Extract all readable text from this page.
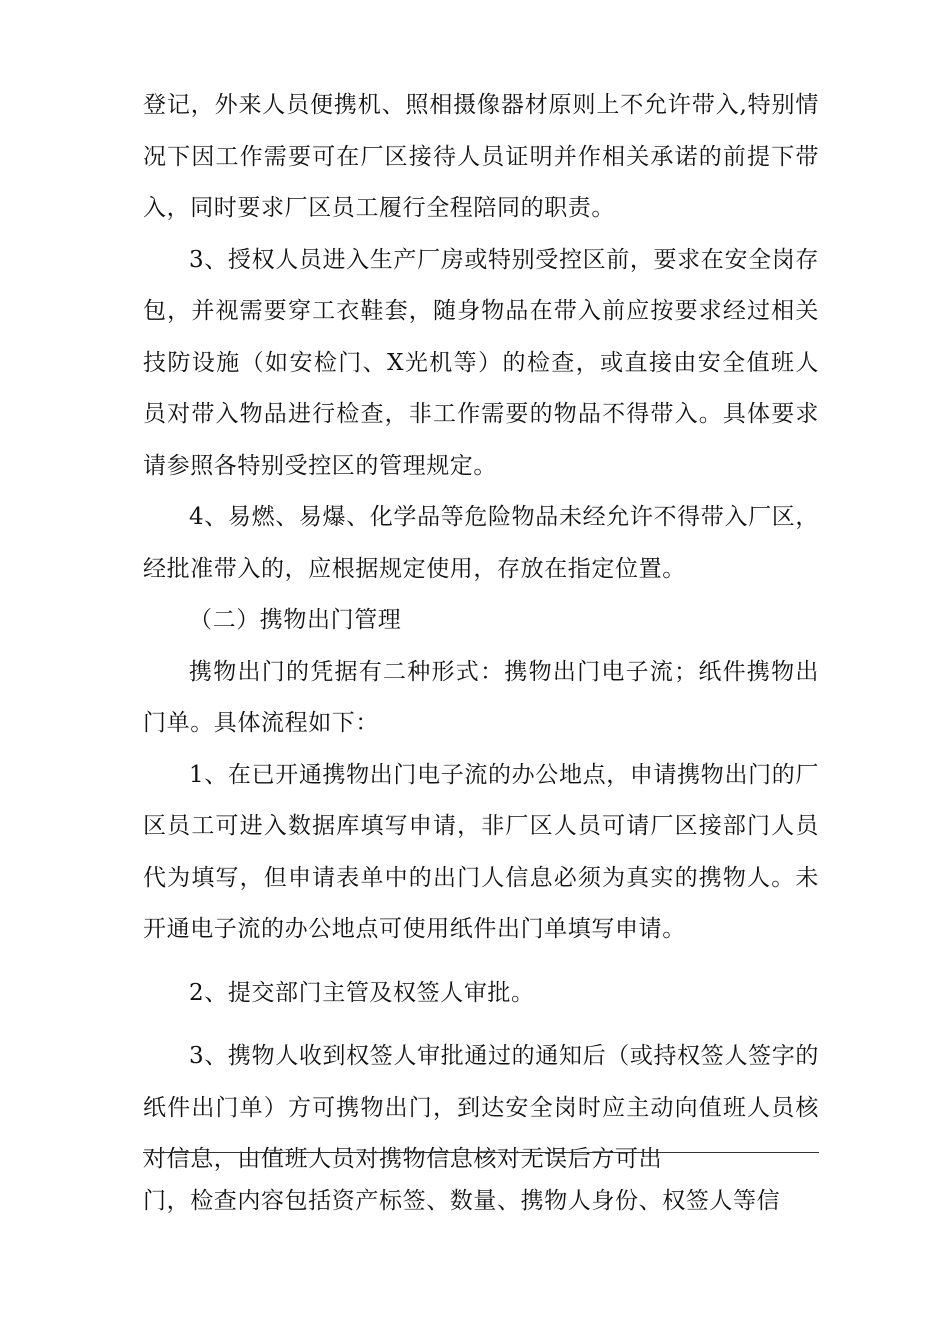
登记，外来人员便携机、照相摄像器材原则上不允许带入,特别情况下因工作需要可在厂区接待人员证明并作相关承诺的前提下带入，同时要求厂区员工履行全程陪同的职责。

3、授权人员进入生产厂房或特别受控区前，要求在安全岗存包，并视需要穿工衣鞋套，随身物品在带入前应按要求经过相关技防设施（如安检门、X光机等）的检查，或直接由安全值班人员对带入物品进行检查，非工作需要的物品不得带入。具体要求请参照各特别受控区的管理规定。

4、易燃、易爆、化学品等危险物品未经允许不得带入厂区，经批准带入的，应根据规定使用，存放在指定位置。

（二）携物出门管理

携物出门的凭据有二种形式：携物出门电子流；纸件携物出门单。具体流程如下：

1、在已开通携物出门电子流的办公地点，申请携物出门的厂区员工可进入数据库填写申请，非厂区人员可请厂区接部门人员代为填写，但申请表单中的出门人信息必须为真实的携物人。未开通电子流的办公地点可使用纸件出门单填写申请。

2、提交部门主管及权签人审批。

3、携物人收到权签人审批通过的通知后（或持权签人签字的纸件出门单）方可携物出门，到达安全岗时应主动向值班人员核对信息，由值班人员对携物信息核对无误后方可出

门，检查内容包括资产标签、数量、携物人身份、权签人等信
